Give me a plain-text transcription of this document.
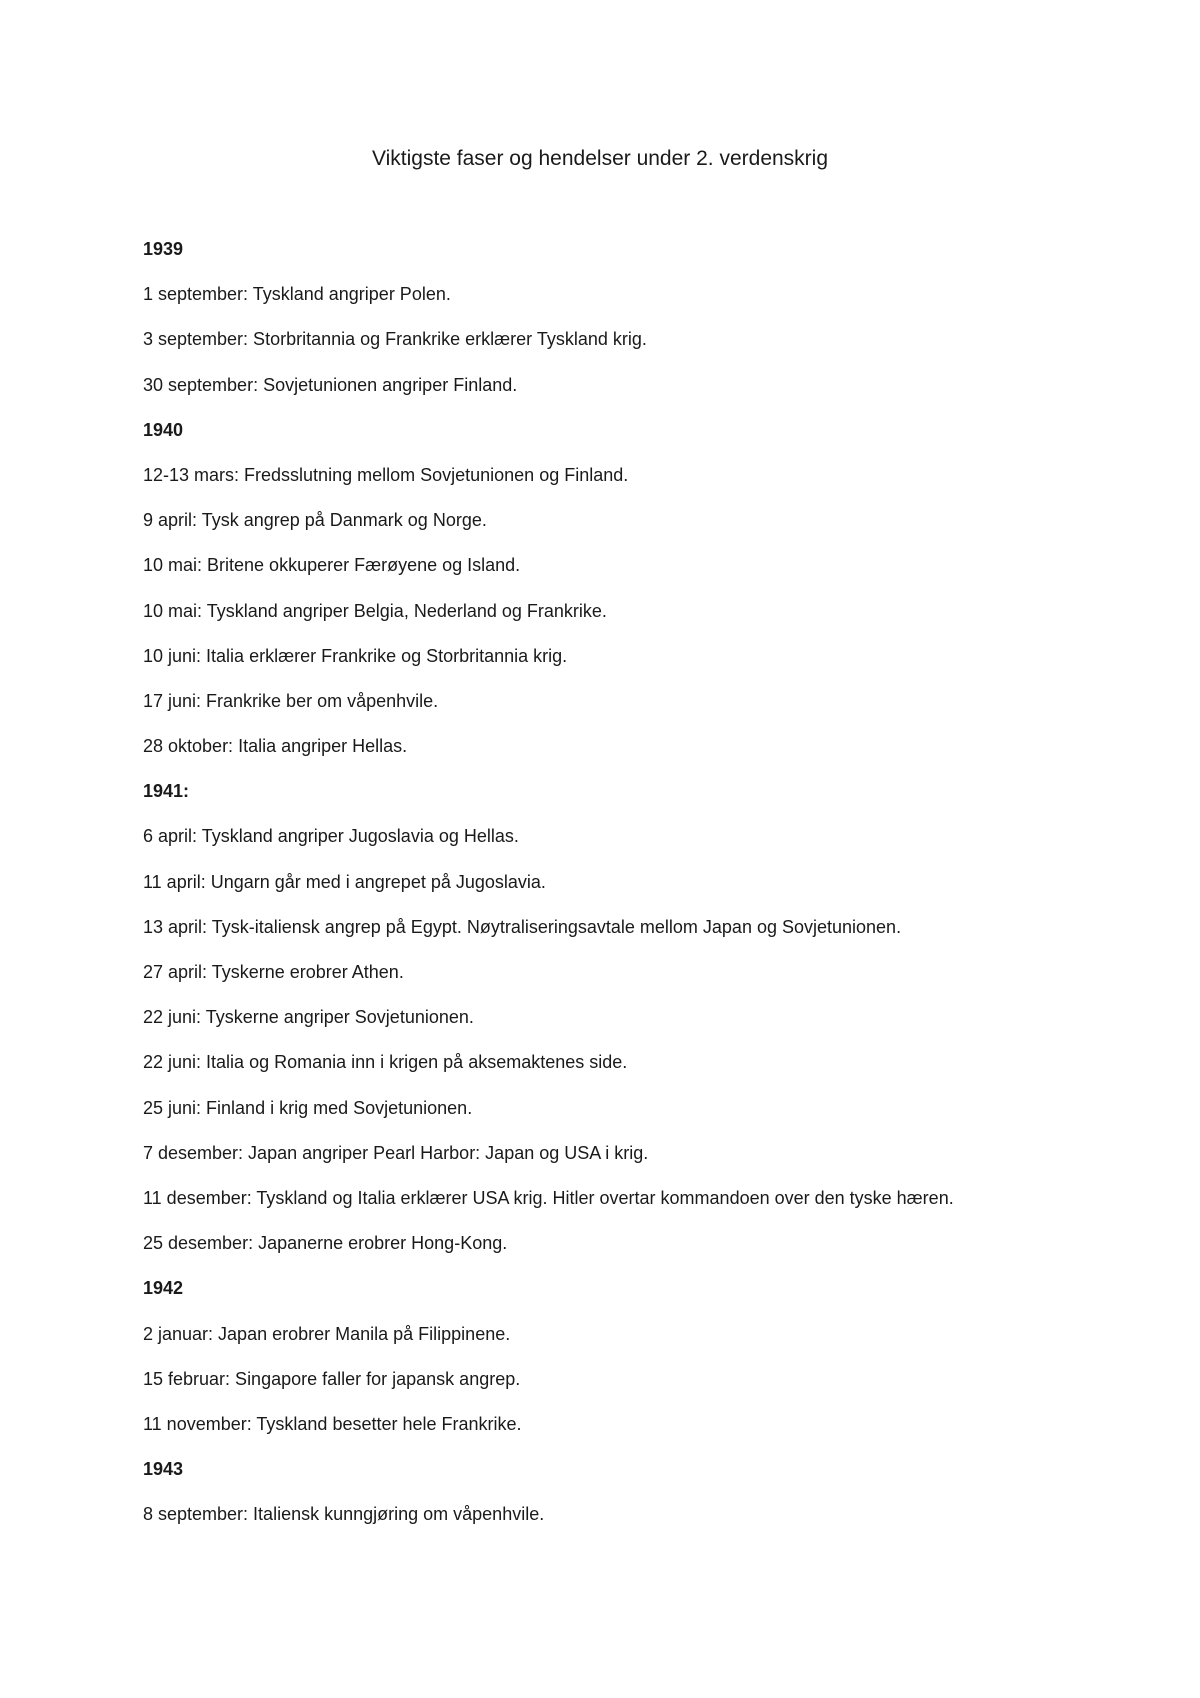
Viktigste faser og hendelser under 2. verdenskrig
1939
1 september: Tyskland angriper Polen.
3 september: Storbritannia og Frankrike erklærer Tyskland krig.
30 september: Sovjetunionen angriper Finland.
1940
12-13 mars: Fredsslutning mellom Sovjetunionen og Finland.
9 april: Tysk angrep på Danmark og Norge.
10 mai: Britene okkuperer Færøyene og Island.
10 mai: Tyskland angriper Belgia, Nederland og Frankrike.
10 juni: Italia erklærer Frankrike og Storbritannia krig.
17 juni: Frankrike ber om våpenhvile.
28 oktober: Italia angriper Hellas.
1941:
6 april: Tyskland angriper Jugoslavia og Hellas.
11 april: Ungarn går med i angrepet på Jugoslavia.
13 april: Tysk-italiensk angrep på Egypt. Nøytraliseringsavtale mellom Japan og Sovjetunionen.
27 april: Tyskerne erobrer Athen.
22 juni: Tyskerne angriper Sovjetunionen.
22 juni: Italia og Romania inn i krigen på aksemaktenes side.
25 juni: Finland i krig med Sovjetunionen.
7 desember: Japan angriper Pearl Harbor: Japan og USA i krig.
11 desember: Tyskland og Italia erklærer USA krig. Hitler overtar kommandoen over den tyske hæren.
25 desember: Japanerne erobrer Hong-Kong.
1942
2 januar: Japan erobrer Manila på Filippinene.
15 februar: Singapore faller for japansk angrep.
11 november: Tyskland besetter hele Frankrike.
1943
8 september: Italiensk kunngjøring om våpenhvile.
